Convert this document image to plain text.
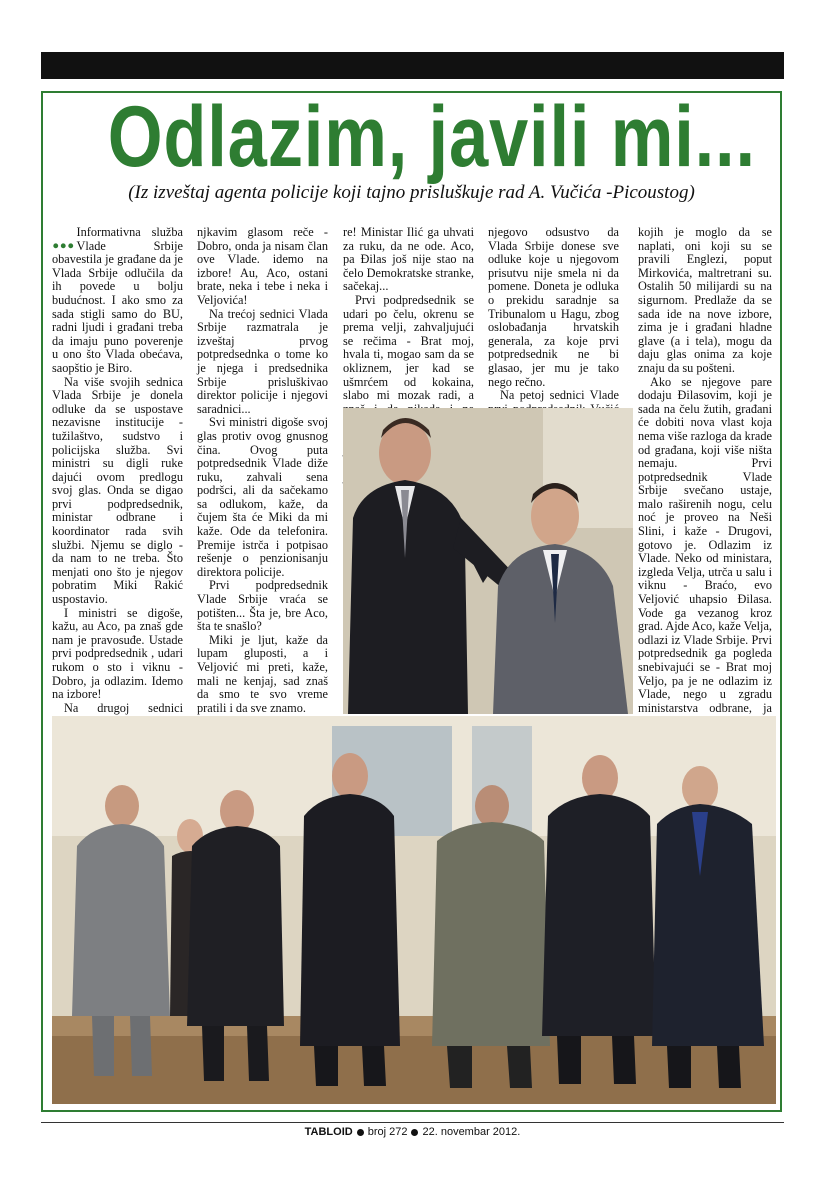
Odlazim, javili mi...
(Iz izveštaj agenta policije koji tajno prisluškuje rad A. Vučića -Picoustog)

... Informativna služba Vlade Srbije obavestila je građane da je Vlada Srbije odlučila da ih povede u bolju budućnost. I ako smo za sada stigli samo do BU, radni ljudi i građani treba da imaju puno poverenje u ono što Vlada obećava, saopštio je Biro.

Na više svojih sednica Vlada Srbije je donela odluke da se uspostave nezavisne institucije - tužilaštvo, sudstvo i policijska služba. Svi ministri su digli ruke dajući ovom predlogu svoj glas. Onda se digao prvi podpredsednik, ministar odbrane i koordinator rada svih službi. Njemu se diglo - da nam to ne treba. Što menjati ono što je njegov pobratim Miki Rakić uspostavio.

I ministri se digoše, kažu, au Aco, pa znaš gde nam je pravosuđe. Ustade prvi podpredsednik , udari rukom o sto i viknu - Dobro, ja odlazim. Idemo na izbore!

Na drugoj sednici

njkavim glasom reče - Dobro, onda ja nisam član ove Vlade. idemo na izbore! Au, Aco, ostani brate, neka i tebe i neka i Veljovića!

Na trećoj sednici Vlada Srbije razmatrala je izveštaj prvog potpredsednka o tome ko je njega i predsednika Srbije prisluškivao direktor policije i njegovi saradnici...

Svi ministri digoše svoj glas protiv ovog gnusnog čina. Ovog puta potpredsednik Vlade diže ruku, zahvali sena podršci, ali da sačekamo sa odlukom, kaže, da čujem šta će Miki da mi kaže. Ode da telefonira. Premije istrča i potpisao rešenje o penzionisanju direktora policije.

Prvi podpredsednik Vlade Srbije vraća se potišten... Šta je, bre Aco, šta te snašlo?

Miki je ljut, kaže da lupam gluposti, a i Veljović mi preti, kaže, mali ne kenjaj, sad znaš da smo te svo vreme pratili i da sve znamo.

re! Ministar Ilić ga uhvati za ruku, da ne ode. Aco, pa Đilas još nije stao na čelo Demokratske stranke, sačekaj...

Prvi podpredsednik se udari po čelu, okrenu se prema velji, zahvaljujući se rečima - Brat moj, hvala ti, mogao sam da se okliznem, jer kad se ušmrćem od kokaina, slabo mi mozak radi, a

njegovo odsustvo da Vlada Srbije donese sve odluke koje u njegovom prisutvu nije smela ni da pomene. Doneta je odluka o prekidu saradnje sa Tribunalom u Hagu, zbog oslobađanja hrvatskih generala, za koje prvi potpredsednik ne bi glasao, jer mu je tako nego rečno.

Na petoj sednici Vlade

kojih je moglo da se naplati, oni koji su se pravili Englezi, poput Mirkovića, maltretrani su. Ostalih 50 milijardi su na sigurnom. Predlaže da se sada ide na nove izbore, zima je i građani hladne glave (a i tela), mogu da daju glas onima za koje znaju da su pošteni.

Ako se njegove pare dodaju Đilasovim, koji je sada na čelu žutih, građani će dobiti nova vlast koja nema više razloga da krade od građana, koji više ništa nemaju. Prvi potpredsednik Vlade Srbije svečano ustaje, malo raširenih nogu, celu noć je proveo na Neši Slini, i kaže - Drugovi, gotovo je. Odlazim iz Vlade. Neko od ministara, izgleda Velja, utrča u salu i viknu - Braćo, evo Veljović uhapsio Đilasa. Vode ga vezanog kroz grad. Ajde Aco, kaže Velja, odlazi iz Vlade Srbije. Prvi potpredsednik ga pogleda snebivajući se - Brat moj Veljo, pa je ne odlazim iz Vlade, nego u zgradu ministarstva odbrane, ja

TABLOID broj 272 22. novembar 2012.
